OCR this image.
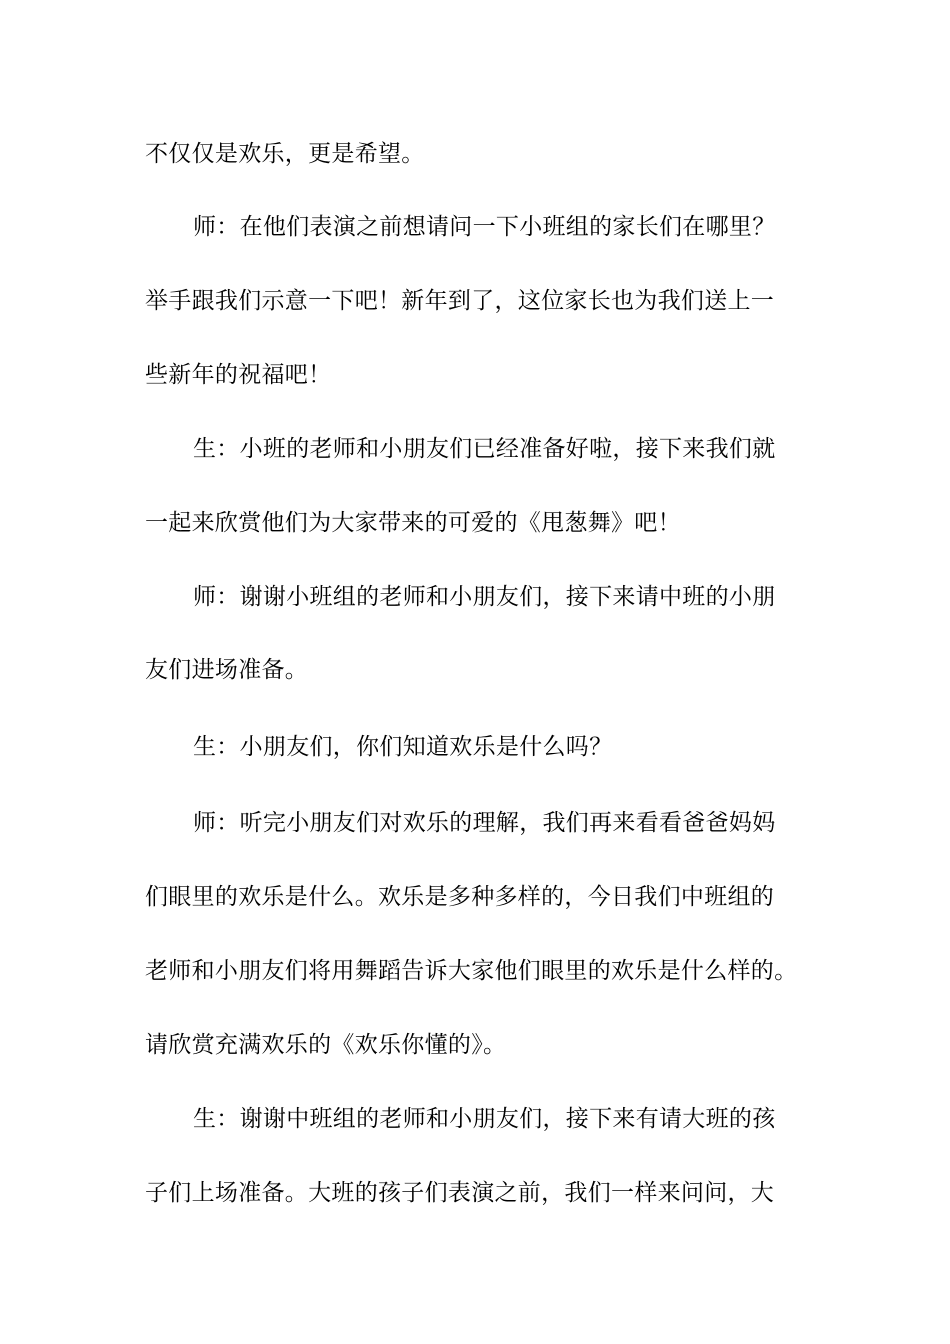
不仅仅是欢乐，更是希望。
师：在他们表演之前想请问一下小班组的家长们在哪里？
举手跟我们示意一下吧！新年到了，这位家长也为我们送上一
些新年的祝福吧！
生：小班的老师和小朋友们已经准备好啦，接下来我们就
一起来欣赏他们为大家带来的可爱的《甩葱舞》吧！
师：谢谢小班组的老师和小朋友们，接下来请中班的小朋
友们进场准备。
生：小朋友们，你们知道欢乐是什么吗？
师：听完小朋友们对欢乐的理解，我们再来看看爸爸妈妈
们眼里的欢乐是什么。欢乐是多种多样的，今日我们中班组的
老师和小朋友们将用舞蹈告诉大家他们眼里的欢乐是什么样的。
请欣赏充满欢乐的《欢乐你懂的》。
生：谢谢中班组的老师和小朋友们，接下来有请大班的孩
子们上场准备。大班的孩子们表演之前，我们一样来问问，大
